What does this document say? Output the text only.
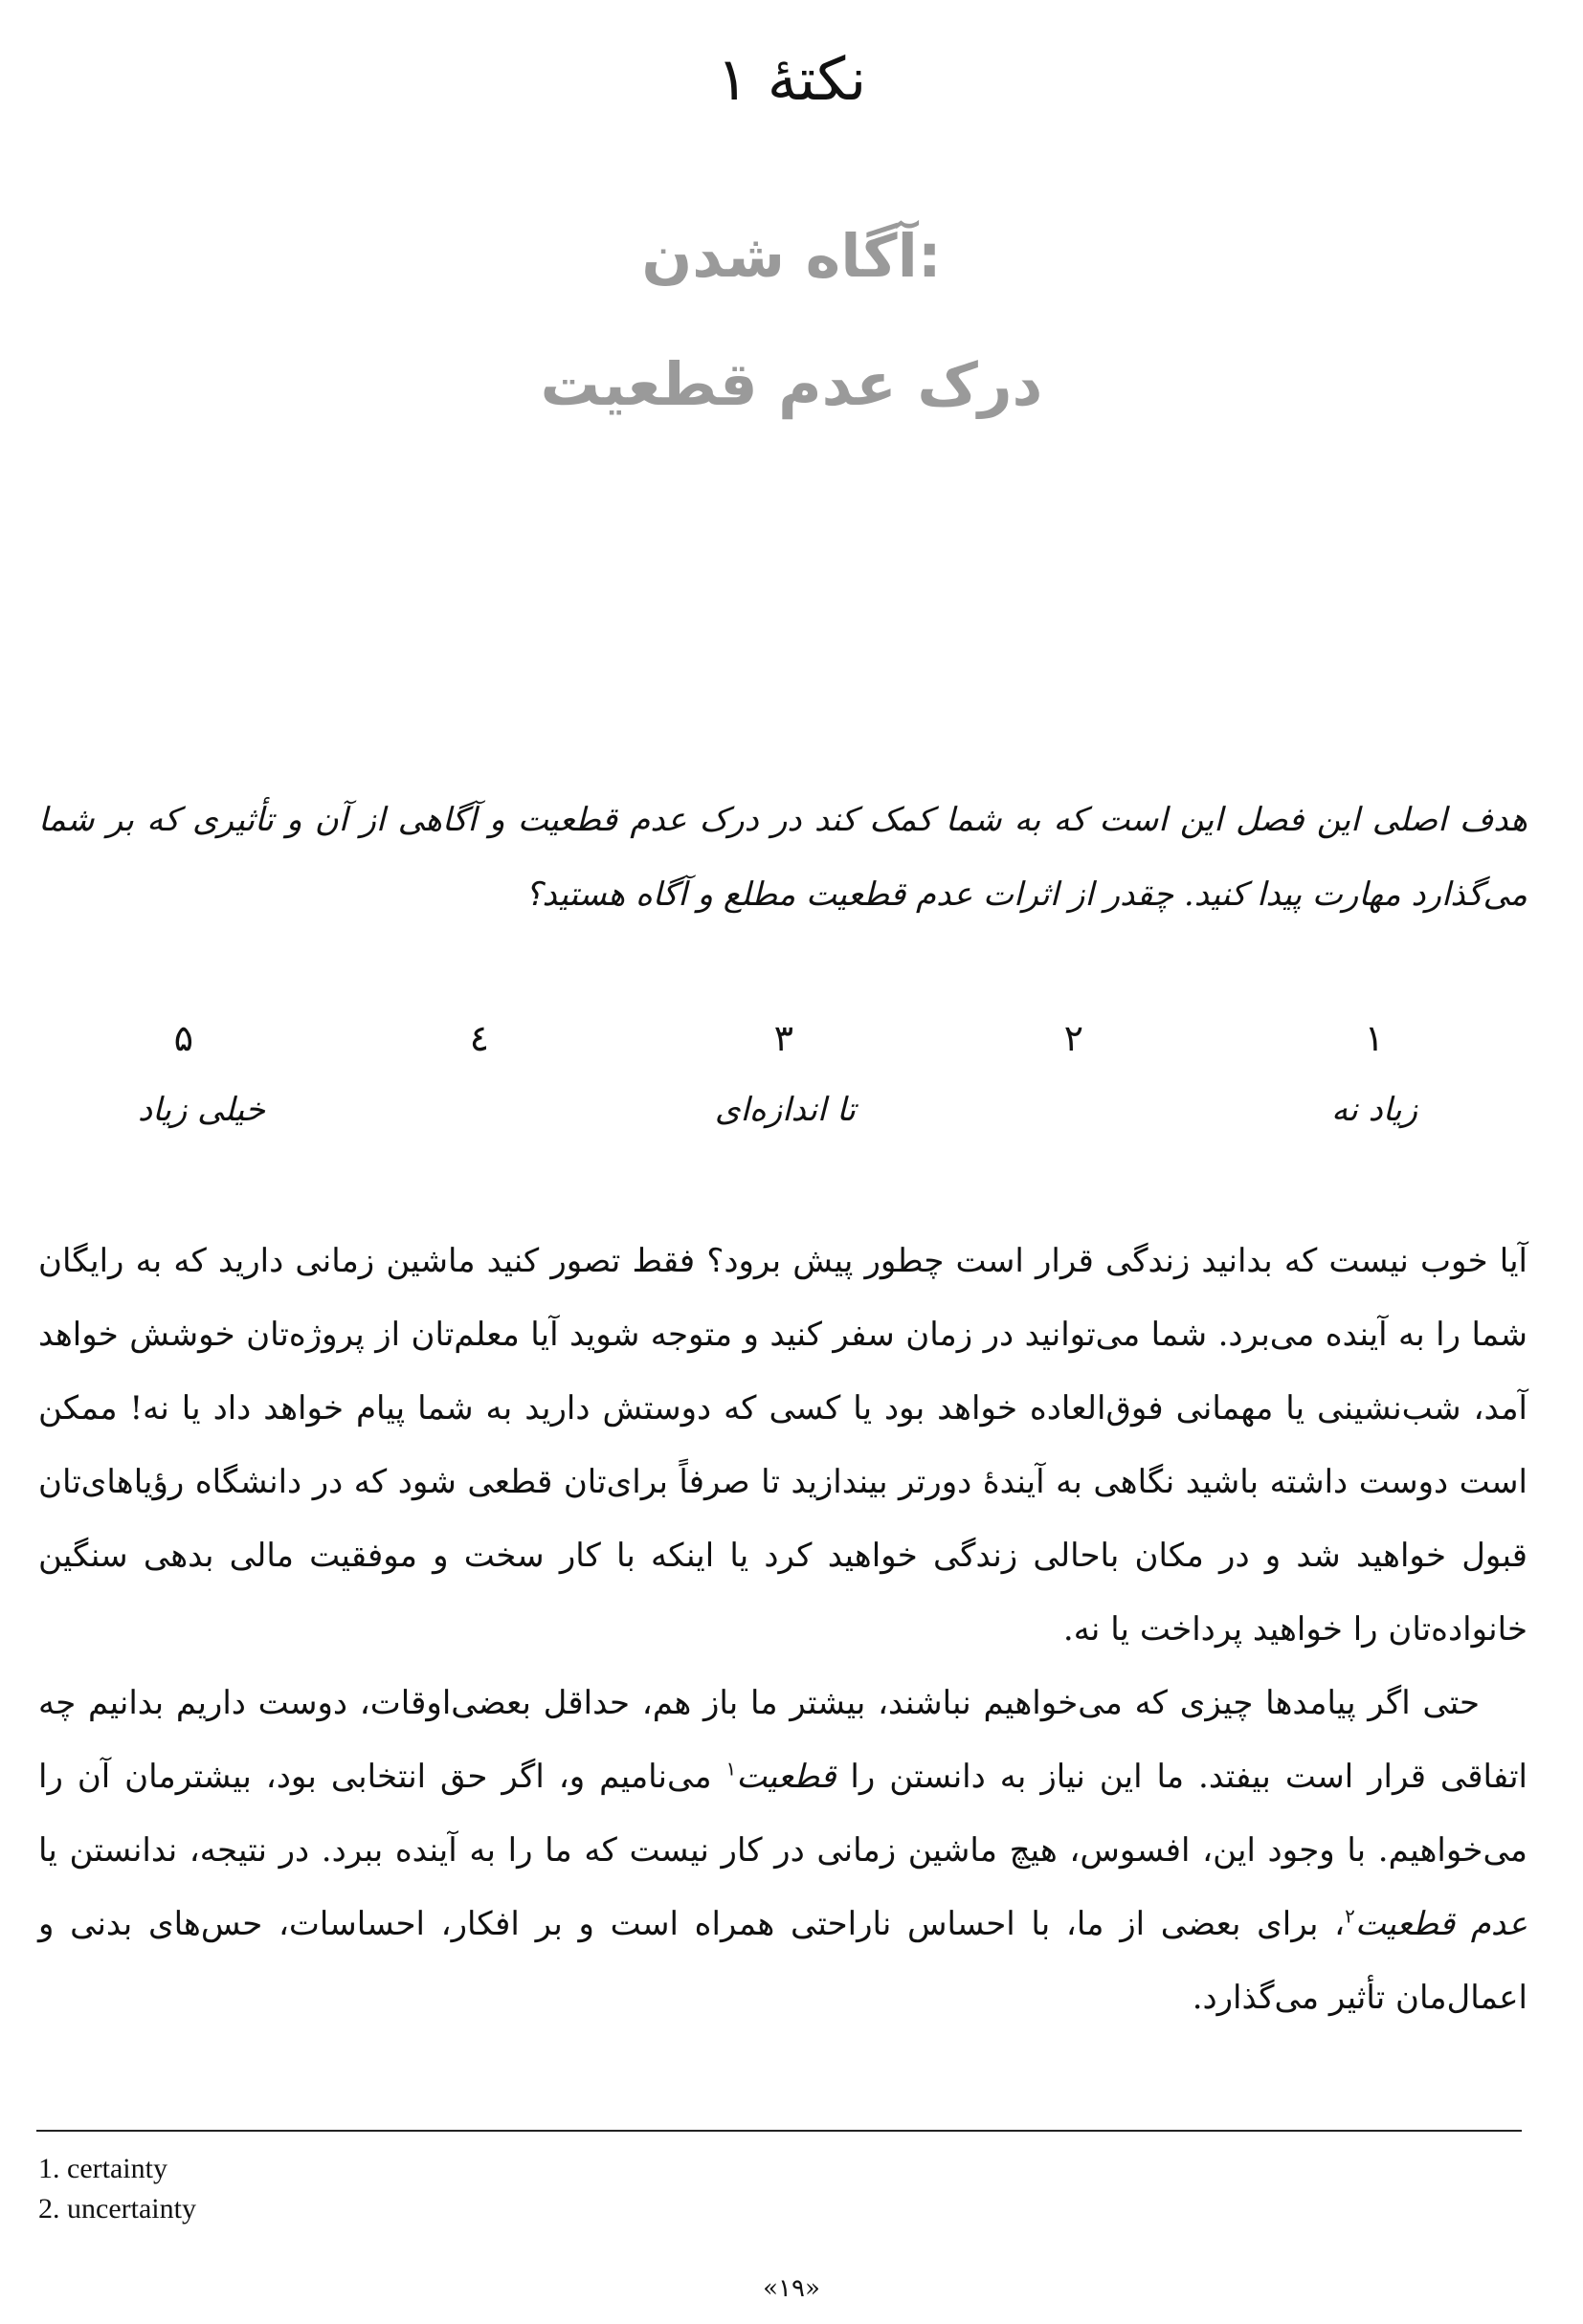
نکتهٔ ۱
آگاه شدن:
درک عدم قطعیت
هدف اصلی این فصل این است که به شما کمک کند در درک عدم قطعیت و آگاهی از آن و تأثیری که بر شما می‌گذارد مهارت پیدا کنید. چقدر از اثرات عدم قطعیت مطلع و آگاه هستید؟
۱
۲
۳
٤
۵
زیاد نه
تا اندازه‌ای
خیلی زیاد

آیا خوب نیست که بدانید زندگی قرار است چطور پیش برود؟ فقط تصور کنید ماشین زمانی دارید که به رایگان شما را به آینده می‌برد. شما می‌توانید در زمان سفر کنید و متوجه شوید آیا معلم‌تان از پروژه‌تان خوشش خواهد آمد، شب‌نشینی یا مهمانی فوق‌العاده خواهد بود یا کسی که دوستش دارید به شما پیام خواهد داد یا نه! ممکن است دوست داشته باشید نگاهی به آیندهٔ دورتر بیندازید تا صرفاً برای‌تان قطعی شود که در دانشگاه رؤیاهای‌تان قبول خواهید شد و در مکان باحالی زندگی خواهید کرد یا اینکه با کار سخت و موفقیت مالی بدهی سنگین خانواده‌تان را خواهید پرداخت یا نه.

حتی اگر پیامدها چیزی که می‌خواهیم نباشند، بیشتر ما باز هم، حداقل بعضی‌اوقات، دوست داریم بدانیم چه اتفاقی قرار است بیفتد. ما این نیاز به دانستن را قطعیت$^۱$ می‌نامیم و، اگر حق انتخابی بود، بیشترمان آن را می‌خواهیم. با وجود این، افسوس، هیچ ماشین زمانی در کار نیست که ما را به آینده ببرد. در نتیجه، ندانستن یا عدم قطعیت$^۲$، برای بعضی از ما، با احساس ناراحتی همراه است و بر افکار، احساسات، حس‌های بدنی و اعمال‌مان تأثیر می‌گذارد.

1. certainty
2. uncertainty
«۱۹»
